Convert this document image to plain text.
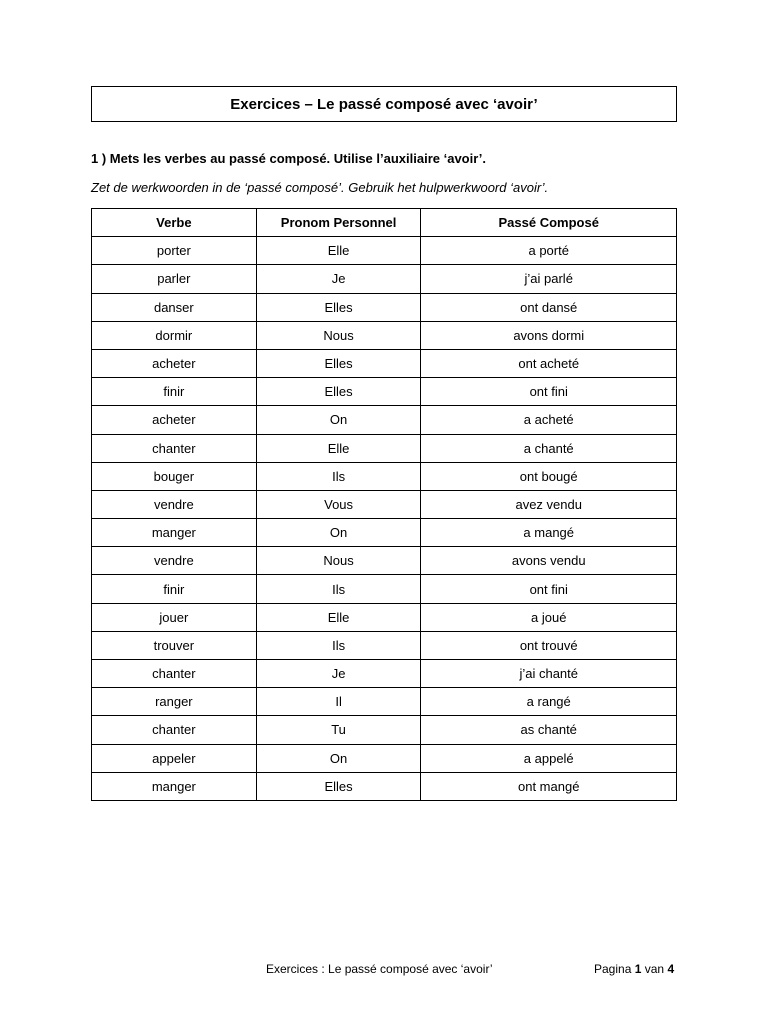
Exercices – Le passé composé avec ‘avoir’
1 ) Mets les verbes au passé composé. Utilise l’auxiliaire ‘avoir’.
Zet de werkwoorden in de ‘passé composé’. Gebruik het hulpwerkwoord ‘avoir’.
Verbe	Pronom Personnel	Passé Composé
porter	Elle	a porté
parler	Je	j’ai parlé
danser	Elles	ont dansé
dormir	Nous	avons dormi
acheter	Elles	ont acheté
finir	Elles	ont fini
acheter	On	a acheté
chanter	Elle	a chanté
bouger	Ils	ont bougé
vendre	Vous	avez vendu
manger	On	a mangé
vendre	Nous	avons vendu
finir	Ils	ont fini
jouer	Elle	a joué
trouver	Ils	ont trouvé
chanter	Je	j’ai chanté
ranger	Il	a rangé
chanter	Tu	as chanté
appeler	On	a appelé
manger	Elles	ont mangé
Exercices : Le passé composé avec ‘avoir’	Pagina 1 van 4
